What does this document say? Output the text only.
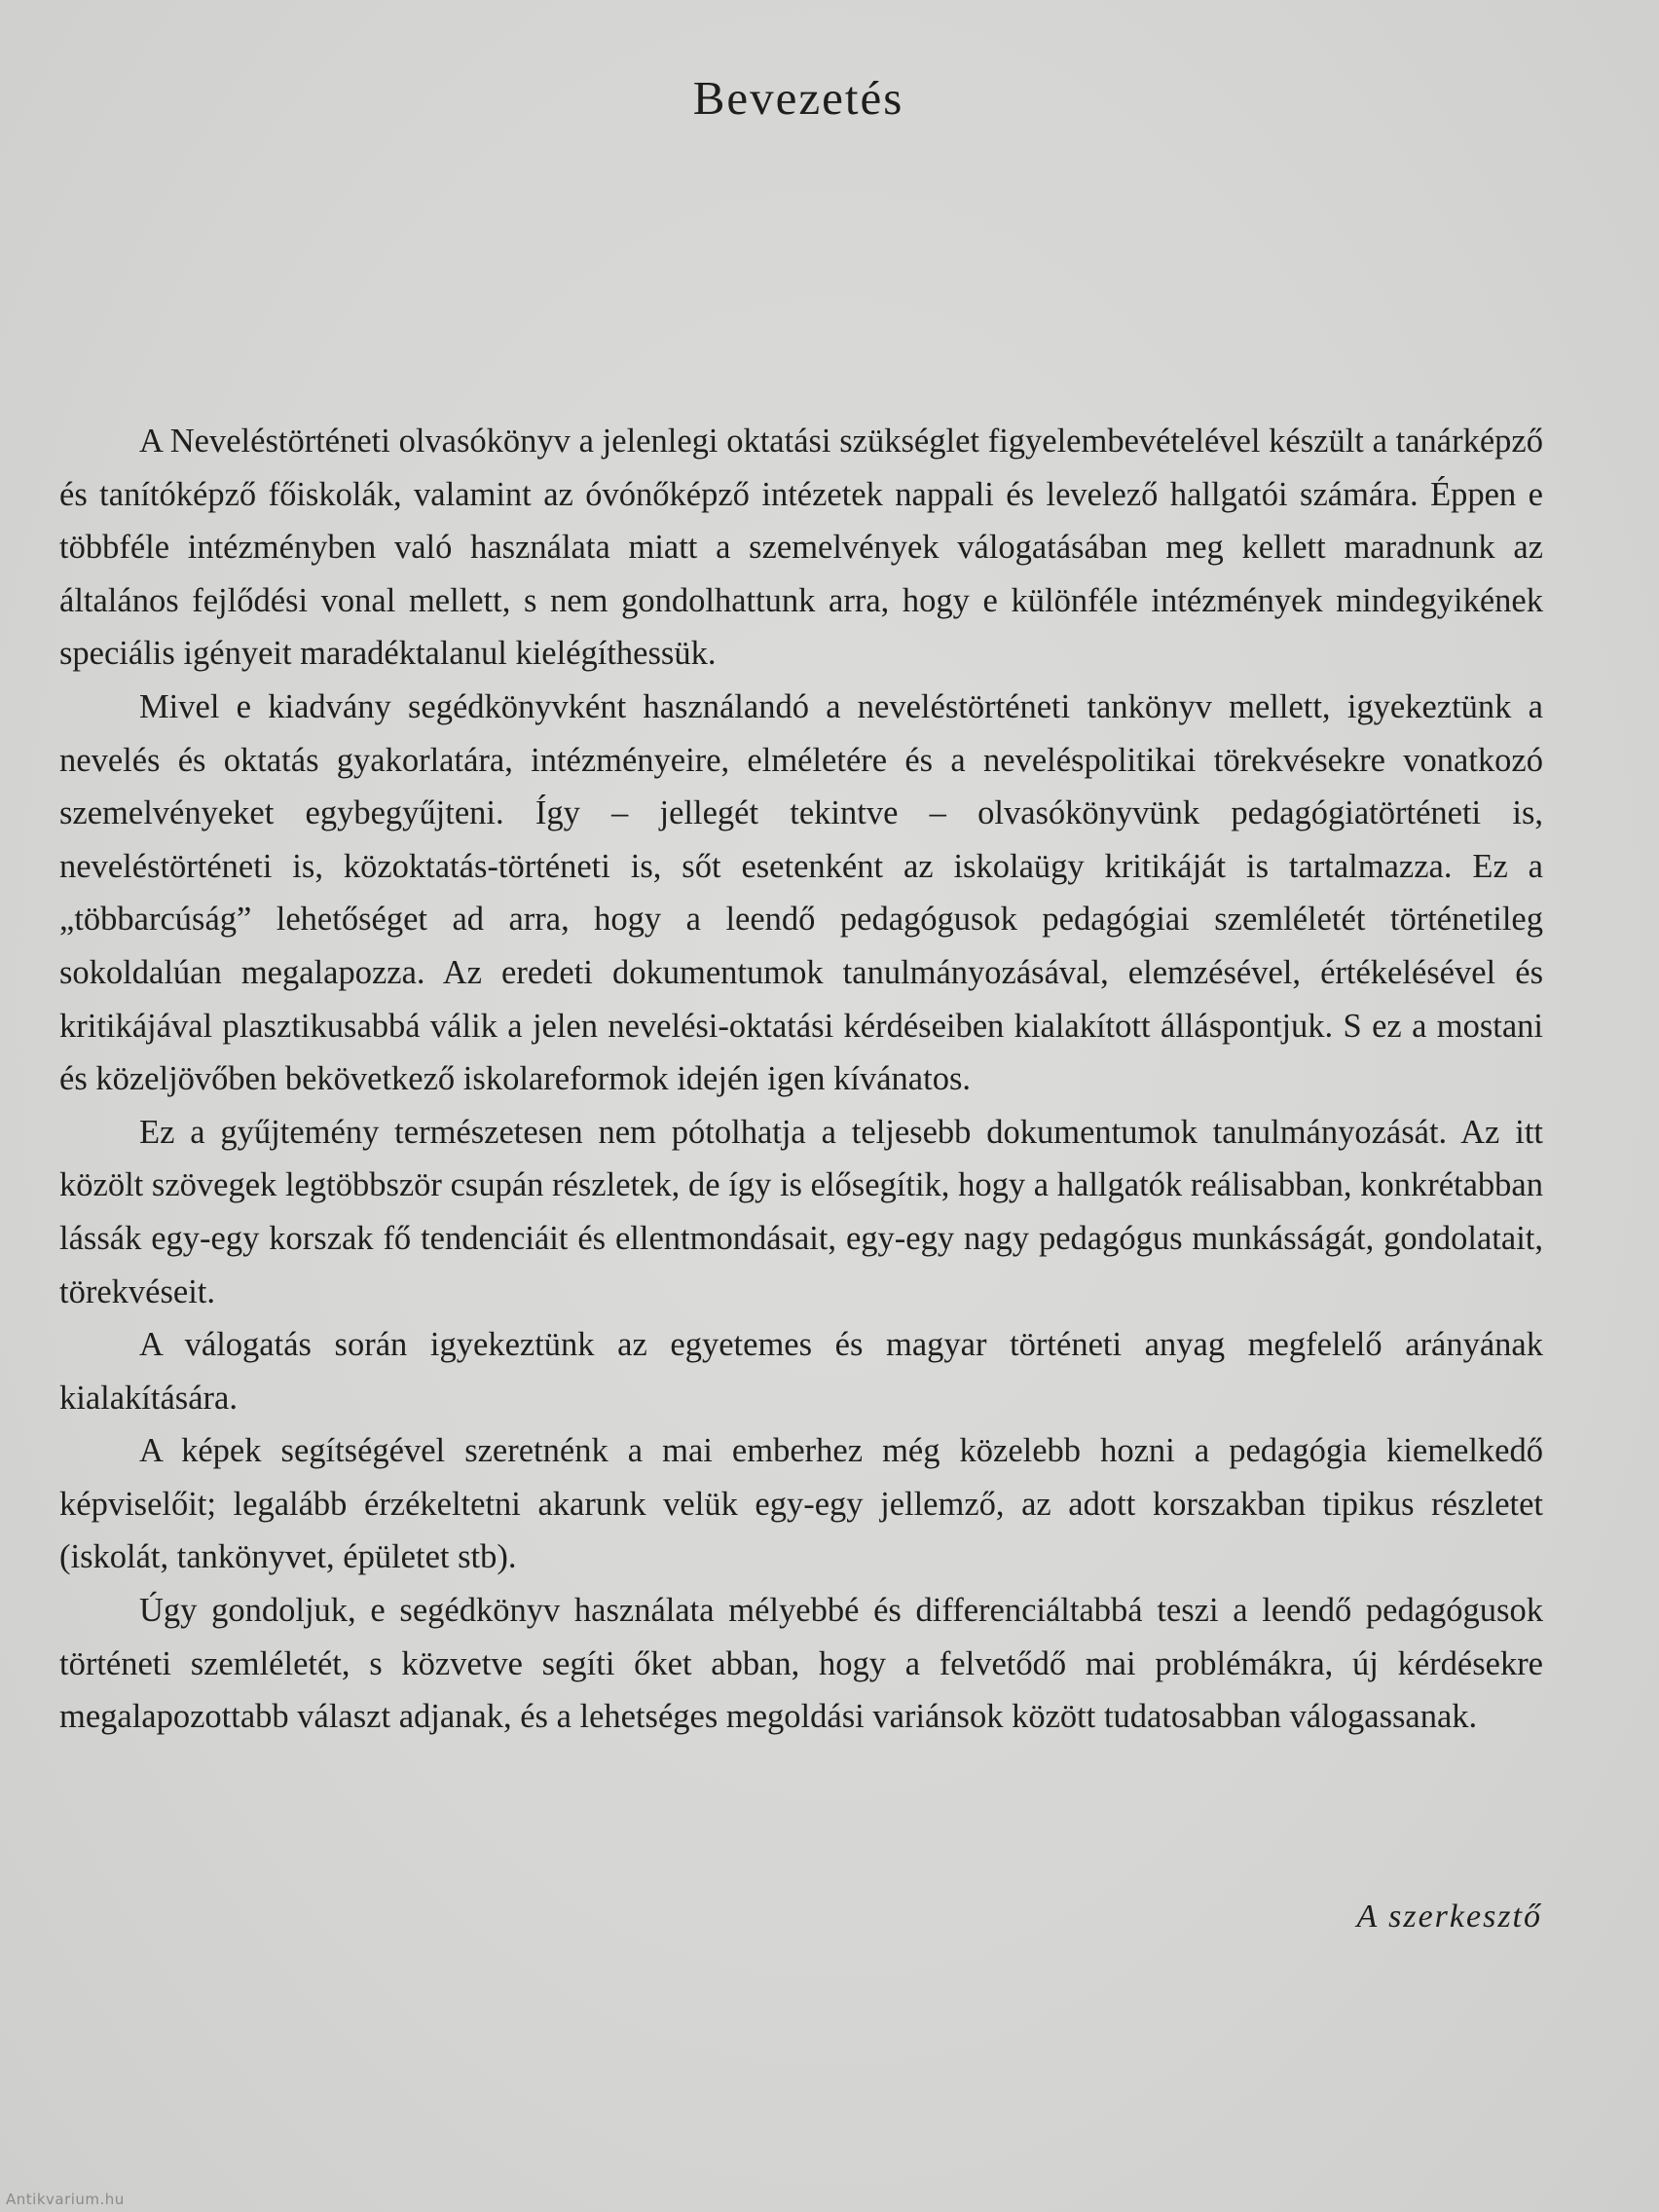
Bevezetés

A Neveléstörténeti olvasókönyv a jelenlegi oktatási szükséglet figyelembevételével készült a tanárképző és tanítóképző főiskolák, valamint az óvónőképző intézetek nappali és levelező hallgatói számára. Éppen e többféle intézményben való használata miatt a szemelvények válogatásában meg kellett maradnunk az általános fejlődési vonal mellett, s nem gondolhattunk arra, hogy e különféle intézmények mindegyikének speciális igényeit maradéktalanul kielégíthessük.

Mivel e kiadvány segédkönyvként használandó a neveléstörténeti tankönyv mellett, igyekeztünk a nevelés és oktatás gyakorlatára, intézményeire, elméletére és a neveléspolitikai törekvésekre vonatkozó szemelvényeket egybegyűjteni. Így – jellegét tekintve – olvasókönyvünk pedagógiatörténeti is, neveléstörténeti is, közoktatás-történeti is, sőt esetenként az iskolaügy kritikáját is tartalmazza. Ez a „többarcúság” lehetőséget ad arra, hogy a leendő pedagógusok pedagógiai szemléletét történetileg sokoldalúan megalapozza. Az eredeti dokumentumok tanulmányozásával, elemzésével, értékelésével és kritikájával plasztikusabbá válik a jelen nevelési-oktatási kérdéseiben kialakított álláspontjuk. S ez a mostani és közeljövőben bekövetkező iskolareformok idején igen kívánatos.

Ez a gyűjtemény természetesen nem pótolhatja a teljesebb dokumentumok tanulmányozását. Az itt közölt szövegek legtöbbször csupán részletek, de így is elősegítik, hogy a hallgatók reálisabban, konkrétabban lássák egy-egy korszak fő tendenciáit és ellentmondásait, egy-egy nagy pedagógus munkásságát, gondolatait, törekvéseit.

A válogatás során igyekeztünk az egyetemes és magyar történeti anyag megfelelő arányának kialakítására.

A képek segítségével szeretnénk a mai emberhez még közelebb hozni a pedagógia kiemelkedő képviselőit; legalább érzékeltetni akarunk velük egy-egy jellemző, az adott korszakban tipikus részletet (iskolát, tankönyvet, épületet stb).

Úgy gondoljuk, e segédkönyv használata mélyebbé és differenciáltabbá teszi a leendő pedagógusok történeti szemléletét, s közvetve segíti őket abban, hogy a felvetődő mai problémákra, új kérdésekre megalapozottabb választ adjanak, és a lehetséges megoldási variánsok között tudatosabban válogassanak.

A szerkesztő
Antikvarium.hu
